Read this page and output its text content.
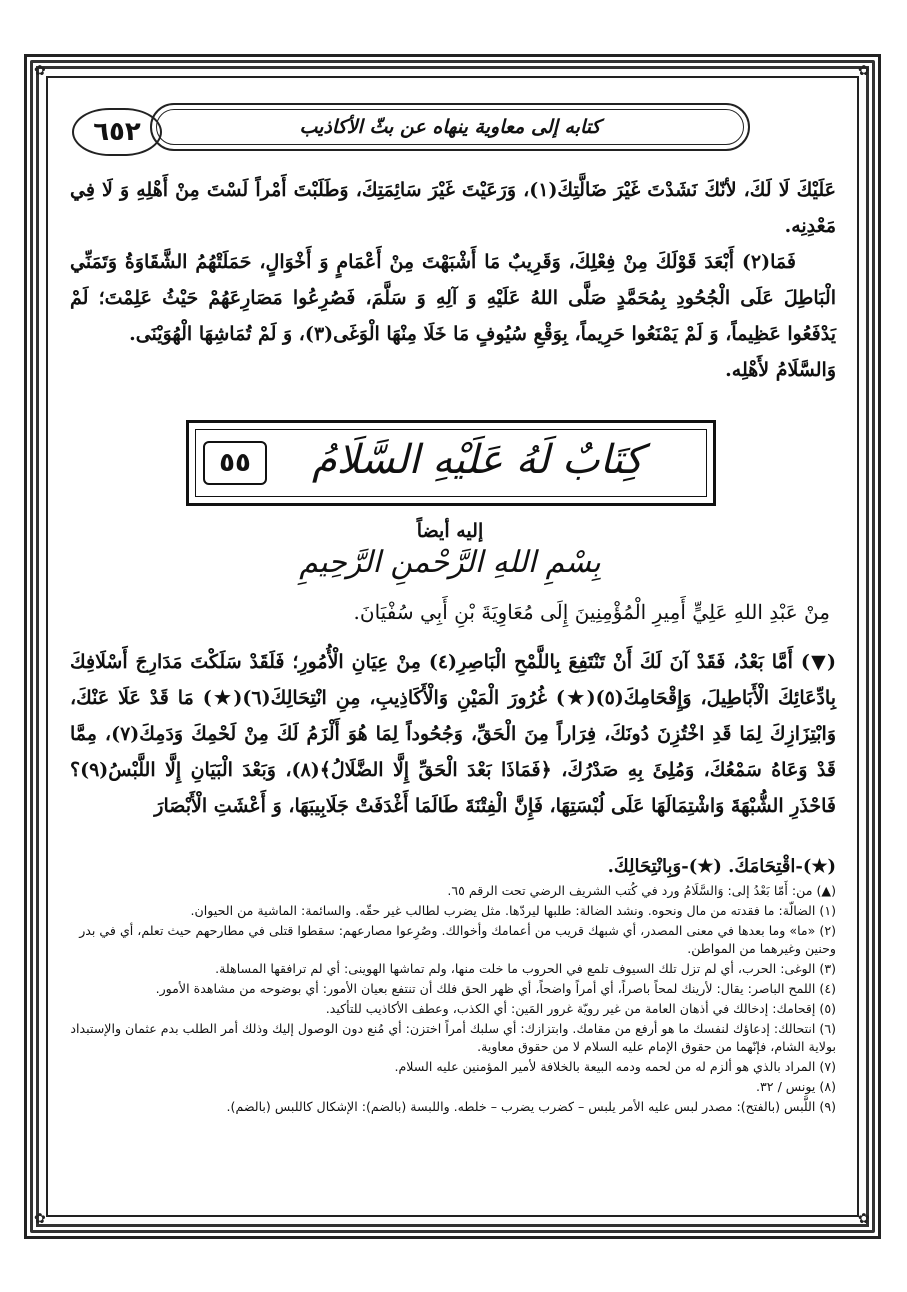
✿	✿
✿	✿
٦٥٢	كتابه إلى معاوية ينهاه عن بثّ الأكاذيب

عَلَيْكَ لَا لَكَ، لأنّكَ نَشَدْتَ غَيْرَ ضَالَّتِكَ(١)، وَرَعَيْتَ غَيْرَ سَائِمَتِكَ، وَطَلَبْتَ أَمْراً لَسْتَ مِنْ أَهْلِهِ وَ لَا فِي مَعْدِنِه.

فَمَا(٢) أَبْعَدَ قَوْلَكَ مِنْ فِعْلِكَ، وَقَرِيبٌ مَا أَشْبَهْتَ مِنْ أَعْمَامٍ وَ أَخْوَالٍ، حَمَلَتْهُمُ الشَّقَاوَةُ وَتَمَنِّي الْبَاطِلَ عَلَى الْجُحُودِ بِمُحَمَّدٍ صَلَّى اللهُ عَلَيْهِ وَ آلِهِ وَ سَلَّمَ، فَصُرِعُوا مَصَارِعَهُمْ حَيْثُ عَلِمْتَ؛ لَمْ يَدْفَعُوا عَظِيماً، وَ لَمْ يَمْنَعُوا حَرِيماً، بِوَقْعِ سُيُوفٍ مَا خَلَا مِنْهَا الْوَغَى(٣)، وَ لَمْ تُمَاشِهَا الْهُوَيْنَى.

وَالسَّلَامُ لأَهْلِه.

كِتَابٌ لَهُ عَلَيْهِ السَّلَامُ
٥٥
إليه أيضاً
بِسْمِ اللهِ الرَّحْمنِ الرَّحِيمِ
مِنْ عَبْدِ اللهِ عَلِيٍّ أَمِيرِ الْمُؤْمِنِينَ إِلَى مُعَاوِيَةَ بْنِ أَبِي سُفْيَانَ.

(▼) أَمَّا بَعْدُ، فَقَدْ آنَ لَكَ أَنْ تَنْتَفِعَ بِاللَّمْحِ الْبَاصِرِ(٤) مِنْ عِيَانِ الْأُمُورِ؛ فَلَقَدْ سَلَكْتَ مَدَارِجَ أَسْلَافِكَ بِادِّعَائِكَ الْأَبَاطِيلَ، وَإِقْحَامِكَ(٥)(★) غُرُورَ الْمَيْنِ وَالْأَكَاذِيبِ، مِنِ انْتِحَالِكَ(٦)(★) مَا قَدْ عَلَا عَنْكَ، وَابْتِزَازِكَ لِمَا قَدِ اخْتُزِنَ دُونَكَ، فِرَاراً مِنَ الْحَقِّ، وَجُحُوداً لِمَا هُوَ أَلْزَمُ لَكَ مِنْ لَحْمِكَ وَدَمِكَ(٧)، مِمَّا قَدْ وَعَاهُ سَمْعُكَ، وَمُلِئَ بِهِ صَدْرُكَ، ﴿فَمَاذَا بَعْدَ الْحَقِّ إِلَّا الضَّلَالُ﴾(٨)، وَبَعْدَ الْبَيَانِ إِلَّا اللَّبْسُ(٩)؟ فَاحْذَرِ الشُّبْهَةَ وَاشْتِمَالَهَا عَلَى لُبْسَتِهَا، فَإِنَّ الْفِتْنَةَ طَالَمَا أَغْدَفَتْ جَلَابِيبَهَا، وَ أَعْشَتِ الْأَبْصَارَ

(★)-اقْتِحَامَكَ. (★)-وَبِانْتِحَالِكَ.
(▲) من: أَمّا بَعْدُ إلى: وَالسَّلَامُ ورد في كُتب الشريف الرضي تحت الرقم ٦٥.
(١) الضالّة: ما فقدته من مال ونحوه. ونشد الضالة: طلبها ليردّها. مثل يضرب لطالب غير حقّه. والسائمة: الماشية من الحيوان.
(٢) «ما» وما بعدها في معنى المصدر، أي شبهك قريب من أعمامك وأخوالك. وصُرِعوا مصارعهم: سقطوا قتلى في مطارحهم حيث تعلم، أي في بدر وحنين وغيرهما من المواطن.
(٣) الوغى: الحرب، أي لم تزل تلك السيوف تلمع في الحروب ما خلت منها، ولم تماشها الهوينى: أي لم ترافقها المساهلة.
(٤) اللمح الباصر: يقال: لأرينك لمحاً باصراً، أي أمراً واضحاً، أي ظهر الحق فلك أن تنتفع بعيان الأمور: أي بوضوحه من مشاهدة الأمور.
(٥) إقحامك: إدخالك في أذهان العامة من غير رويّة غرور المَين: أي الكذب، وعطف الأكاذيب للتأكيد.
(٦) انتحالك: إدعاؤك لنفسك ما هو أرفع من مقامك. وابتزازك: أي سلبك أمراً اختزن: أي مُنع دون الوصول إليك وذلك أمر الطلب بدم عثمان والإستبداد بولاية الشام، فإنّهما من حقوق الإمام عليه السلام لا من حقوق معاوية.
(٧) المراد بالذي هو ألزم له من لحمه ودمه البيعة بالخلافة لأمير المؤمنين عليه السلام.
(٨) يونس / ٣٢.
(٩) اللَّبس (بالفتح): مصدر لبس عليه الأمر يلبس – كضرب يضرب – خلطه. واللبسة (بالضم): الإشكال كاللبس (بالضم).
